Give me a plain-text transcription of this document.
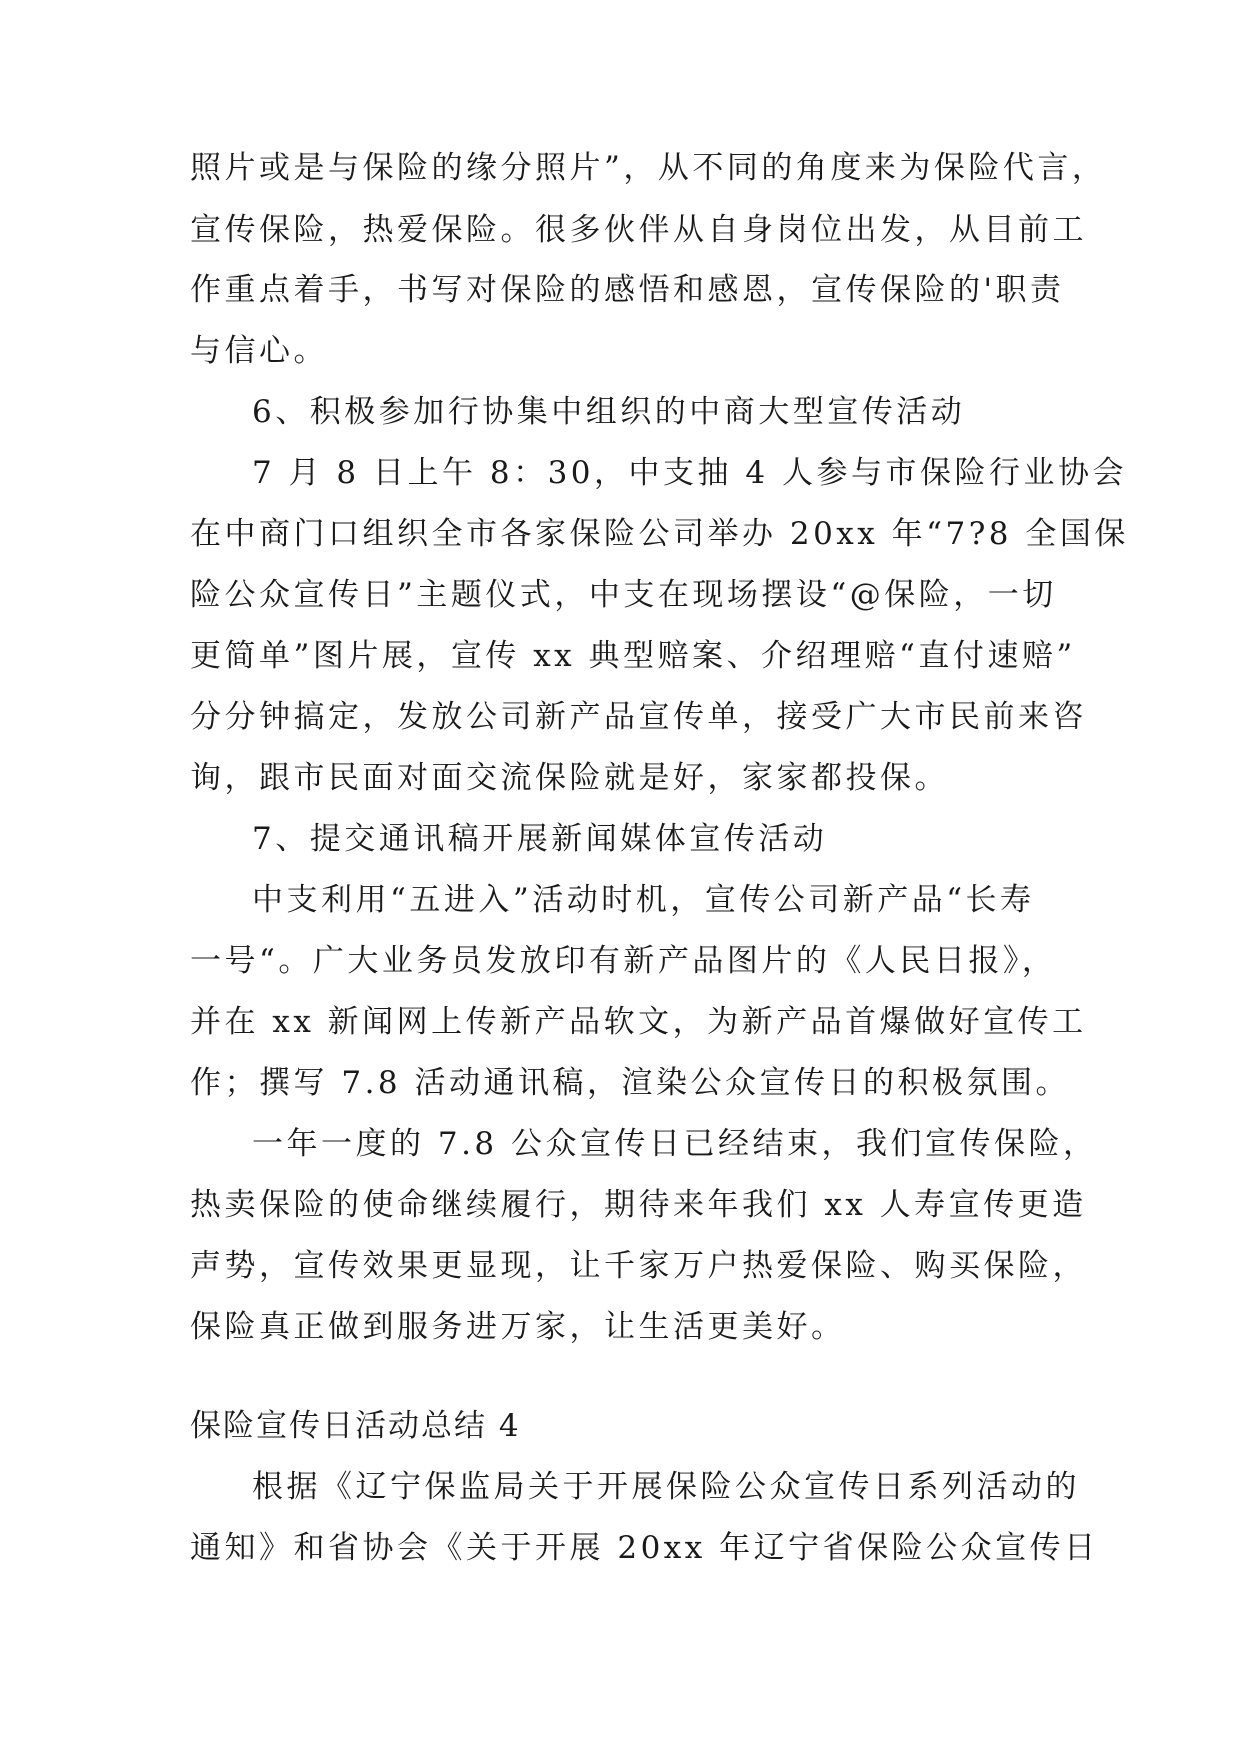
照片或是与保险的缘分照片”，从不同的角度来为保险代言，
宣传保险，热爱保险。很多伙伴从自身岗位出发，从目前工
作重点着手，书写对保险的感悟和感恩，宣传保险的'职责
与信心。
6、积极参加行协集中组织的中商大型宣传活动
7 月 8 日上午 8：30，中支抽 4 人参与市保险行业协会
在中商门口组织全市各家保险公司举办 20xx 年“7?8 全国保
险公众宣传日”主题仪式，中支在现场摆设“@保险，一切
更简单”图片展，宣传 xx 典型赔案、介绍理赔“直付速赔”
分分钟搞定，发放公司新产品宣传单，接受广大市民前来咨
询，跟市民面对面交流保险就是好，家家都投保。
7、提交通讯稿开展新闻媒体宣传活动
中支利用“五进入”活动时机，宣传公司新产品“长寿
一号“。广大业务员发放印有新产品图片的《人民日报》，
并在 xx 新闻网上传新产品软文，为新产品首爆做好宣传工
作；撰写 7.8 活动通讯稿，渲染公众宣传日的积极氛围。
一年一度的 7.8 公众宣传日已经结束，我们宣传保险，
热卖保险的使命继续履行，期待来年我们 xx 人寿宣传更造
声势，宣传效果更显现，让千家万户热爱保险、购买保险，
保险真正做到服务进万家，让生活更美好。
保险宣传日活动总结 4
根据《辽宁保监局关于开展保险公众宣传日系列活动的
通知》和省协会《关于开展 20xx 年辽宁省保险公众宣传日
